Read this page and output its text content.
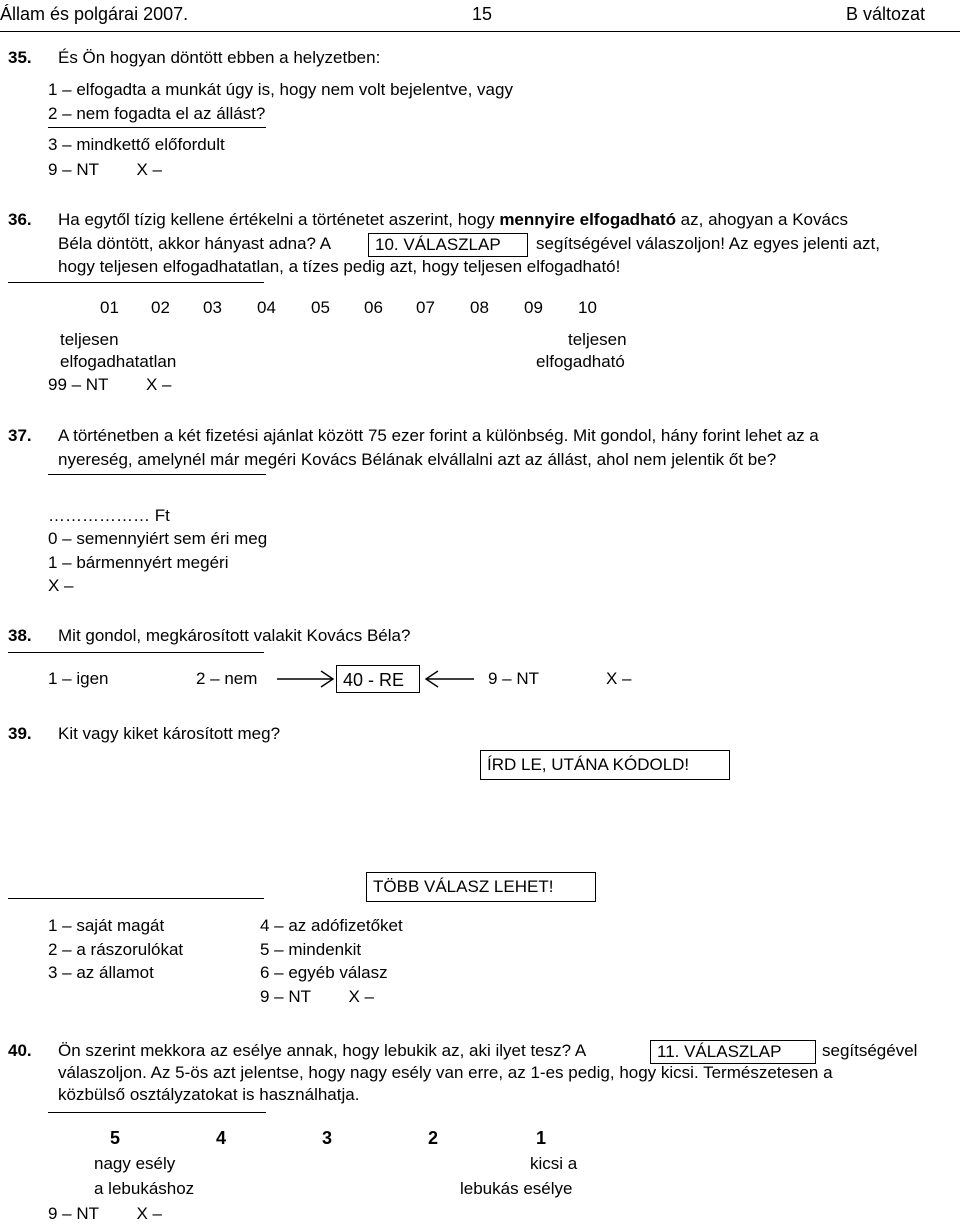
Állam és polgárai 2007.	15	B változat
35. És Ön hogyan döntött ebben a helyzetben:
1 – elfogadta a munkát úgy is, hogy nem volt bejelentve, vagy
2 – nem fogadta el az állást?
3 – mindkettő előfordult
9 – NT        X –
36. Ha egytől tízig kellene értékelni a történetet aszerint, hogy mennyire elfogadható az, ahogyan a Kovács
Béla döntött, akkor hányast adna? A	10. VÁLASZLAP	segítségével válaszoljon! Az egyes jelenti azt,
hogy teljesen elfogadhatatlan, a tízes pedig azt, hogy teljesen elfogadható!
01 02 03 04 05 06 07 08 09 10
teljesen
elfogadhatatlan
teljesen
elfogadható
99 – NT        X –
37. A történetben a két fizetési ajánlat között 75 ezer forint a különbség. Mit gondol, hány forint lehet az a
nyereség, amelynél már megéri Kovács Bélának elvállalni azt az állást, ahol nem jelentik őt be?
……………… Ft
0 – semennyiért sem éri meg
1 – bármennyért megéri
X –
38. Mit gondol, megkárosított valakit Kovács Béla?
1 – igen	2 – nem	40 - RE	9 – NT	X –
39. Kit vagy kiket károsított meg?
ÍRD LE, UTÁNA KÓDOLD!
TÖBB VÁLASZ LEHET!
1 – saját magát
2 – a rászorulókat
3 – az államot
4 – az adófizetőket
5 – mindenkit
6 – egyéb válasz
9 – NT        X –
40. Ön szerint mekkora az esélye annak, hogy lebukik az, aki ilyet tesz? A	11. VÁLASZLAP	segítségével
válaszoljon. Az 5-ös azt jelentse, hogy nagy esély van erre, az 1-es pedig, hogy kicsi. Természetesen a
közbülső osztályzatokat is használhatja.
5	4	3	2	1
nagy esély
a lebukáshoz
kicsi a
lebukás esélye
9 – NT        X –
